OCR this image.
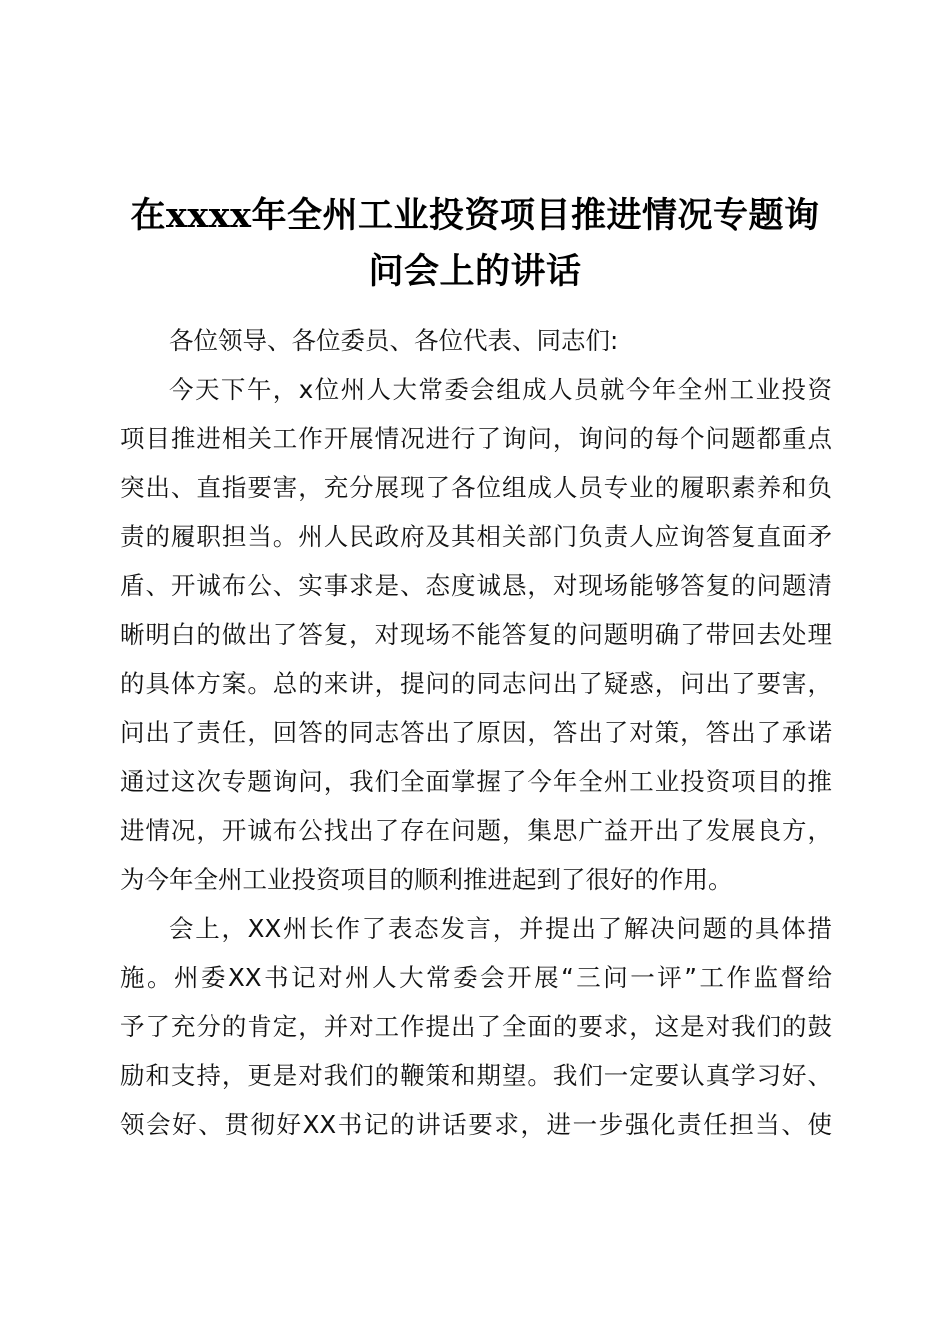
在xxxx年全州工业投资项目推进情况专题询
问会上的讲话
各位领导、各位委员、各位代表、同志们:
今天下午，x位州人大常委会组成人员就今年全州工业投资
项目推进相关工作开展情况进行了询问，询问的每个问题都重点
突出、直指要害，充分展现了各位组成人员专业的履职素养和负
责的履职担当。州人民政府及其相关部门负责人应询答复直面矛
盾、开诚布公、实事求是、态度诚恳，对现场能够答复的问题清
晰明白的做出了答复，对现场不能答复的问题明确了带回去处理
的具体方案。总的来讲，提问的同志问出了疑惑，问出了要害，
问出了责任，回答的同志答出了原因，答出了对策，答出了承诺
通过这次专题询问，我们全面掌握了今年全州工业投资项目的推
进情况，开诚布公找出了存在问题，集思广益开出了发展良方，
为今年全州工业投资项目的顺利推进起到了很好的作用。
会上，XX州长作了表态发言，并提出了解决问题的具体措
施。州委XX书记对州人大常委会开展“三问一评”工作监督给
予了充分的肯定，并对工作提出了全面的要求，这是对我们的鼓
励和支持，更是对我们的鞭策和期望。我们一定要认真学习好、
领会好、贯彻好XX书记的讲话要求，进一步强化责任担当、使
